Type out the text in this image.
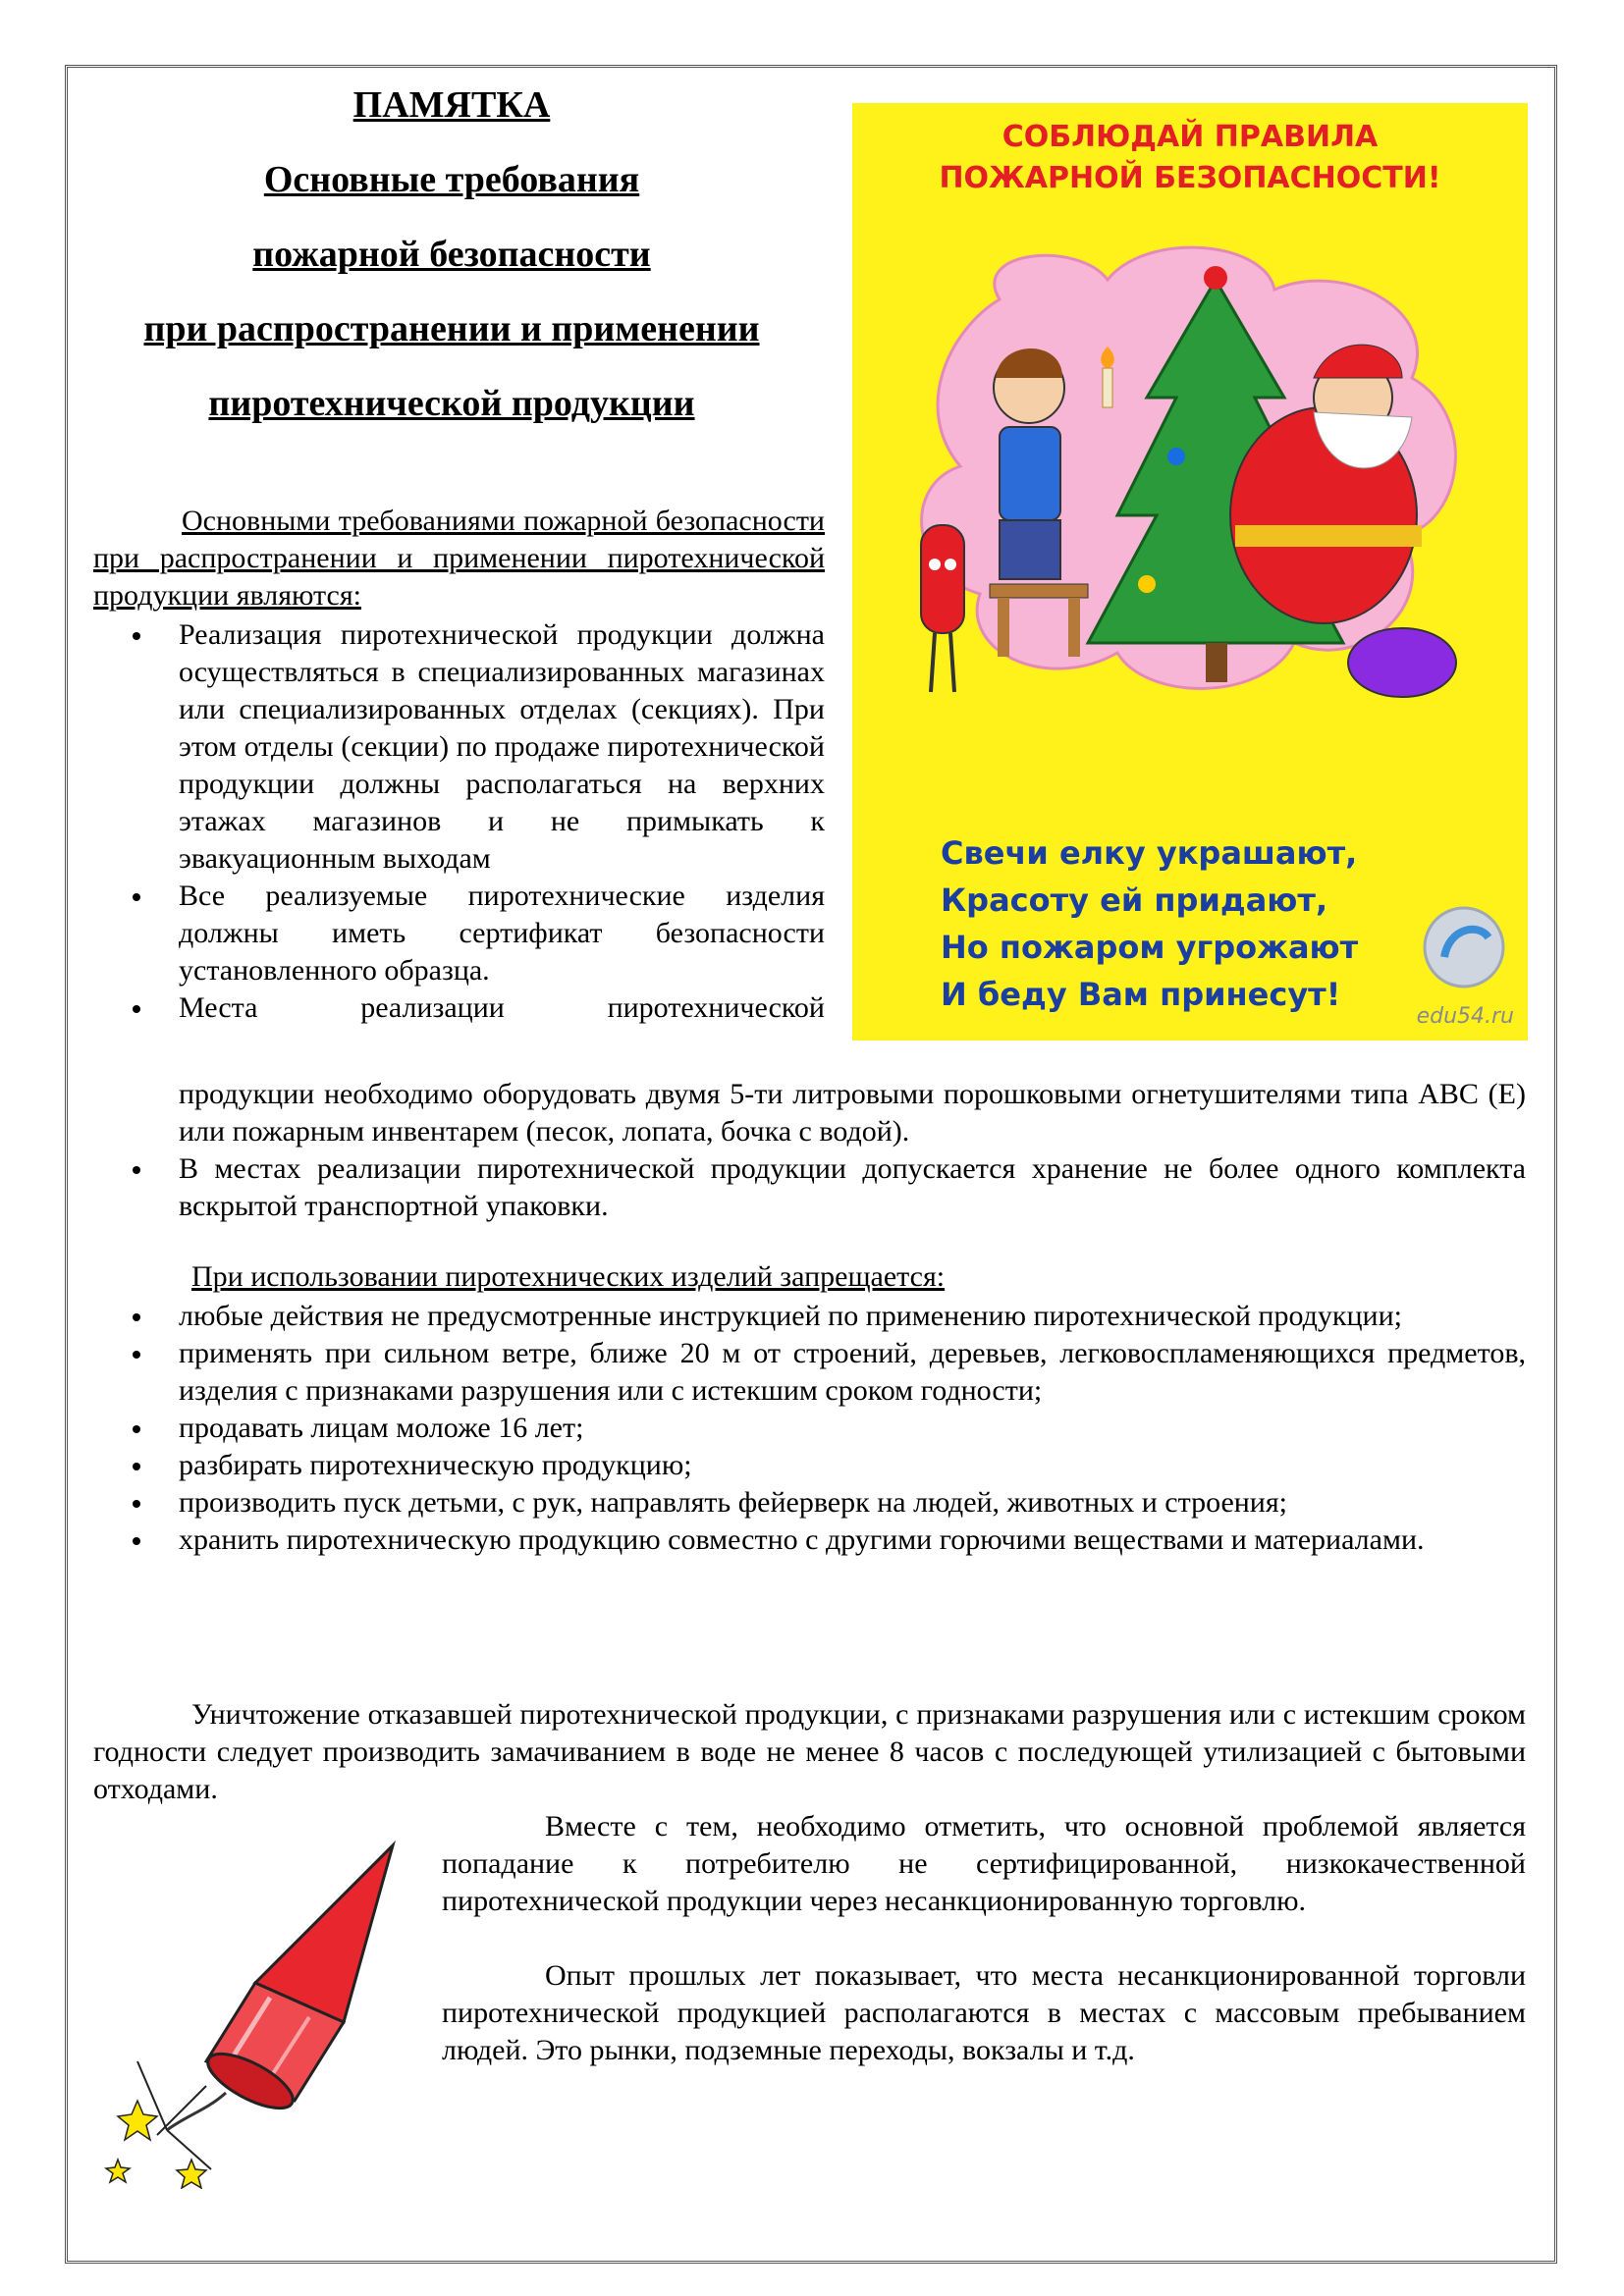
ПАМЯТКА
Основные требования
пожарной безопасности
при распространении и применении
пиротехнической продукции

Основными требованиями пожарной безопасности при распространении и применении пиротехнической продукции являются:

Реализация пиротехнической продукции должна осуществляться в специализированных магазинах или специализированных отделах (секциях). При этом отделы (секции) по продаже пиротехнической продукции должны располагаться на верхних этажах магазинов и не примыкать к эвакуационным выходам
Все реализуемые пиротехнические изделия должны иметь сертификат безопасности установленного образца.
Места реализации пиротехнической

продукции необходимо оборудовать двумя 5-ти литровыми порошковыми огнетушителями типа АВС (Е) или пожарным инвентарем (песок, лопата, бочка с водой).

В местах реализации пиротехнической продукции допускается хранение не более одного комплекта вскрытой транспортной упаковки.

При использовании пиротехнических изделий запрещается:

любые действия не предусмотренные инструкцией по применению пиротехнической продукции;
применять при сильном ветре, ближе 20 м от строений, деревьев, легковоспламеняющихся предметов, изделия с признаками разрушения или с истекшим сроком годности;
продавать лицам моложе 16 лет;
разбирать пиротехническую продукцию;
производить пуск детьми, с рук, направлять фейерверк на людей, животных и строения;
хранить пиротехническую продукцию совместно с другими горючими веществами и материалами.

Уничтожение отказавшей пиротехнической продукции, с признаками разрушения или с истекшим сроком годности следует производить замачиванием в воде не менее 8 часов с последующей утилизацией с бытовыми отходами.

Вместе с тем, необходимо отметить, что основной проблемой является попадание к потребителю не сертифицированной, низкокачественной пиротехнической продукции через несанкционированную торговлю.

Опыт прошлых лет показывает, что места несанкционированной торговли пиротехнической продукцией располагаются в местах с массовым пребыванием людей. Это рынки, подземные переходы, вокзалы и т.д.

СОБЛЮДАЙ ПРАВИЛА
ПОЖАРНОЙ БЕЗОПАСНОСТИ!
Свечи елку украшают,
Красоту ей придают,
Но пожаром угрожают
И беду Вам принесут!
edu54.ru
